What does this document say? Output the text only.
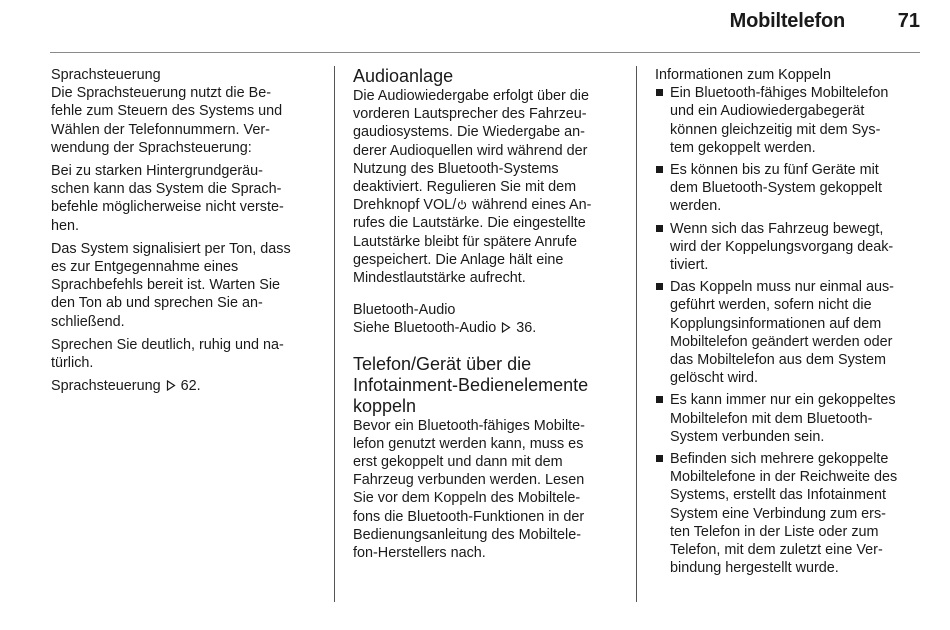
Mobiltelefon	71

Sprachsteuerung

Die Sprachsteuerung nutzt die Be-
fehle zum Steuern des Systems und
Wählen der Telefonnummern. Ver-
wendung der Sprachsteuerung:

Bei zu starken Hintergrundgeräu-
schen kann das System die Sprach-
befehle möglicherweise nicht verste-
hen.

Das System signalisiert per Ton, dass
es zur Entgegennahme eines
Sprachbefehls bereit ist. Warten Sie
den Ton ab und sprechen Sie an-
schließend.

Sprechen Sie deutlich, ruhig und na-
türlich.

Sprachsteuerung 62.

Audioanlage

Die Audiowiedergabe erfolgt über die
vorderen Lautsprecher des Fahrzeu-
gaudiosystems. Die Wiedergabe an-
derer Audioquellen wird während der
Nutzung des Bluetooth-Systems
deaktiviert. Regulieren Sie mit dem
Drehknopf VOL/ während eines An-
rufes die Lautstärke. Die eingestellte
Lautstärke bleibt für spätere Anrufe
gespeichert. Die Anlage hält eine
Mindestlautstärke aufrecht.

Bluetooth-Audio

Siehe Bluetooth-Audio 36.

Telefon/Gerät über die
Infotainment-Bedienelemente
koppeln

Bevor ein Bluetooth-fähiges Mobilte-
lefon genutzt werden kann, muss es
erst gekoppelt und dann mit dem
Fahrzeug verbunden werden. Lesen
Sie vor dem Koppeln des Mobiltele-
fons die Bluetooth-Funktionen in der
Bedienungsanleitung des Mobiltele-
fon-Herstellers nach.

Informationen zum Koppeln

Ein Bluetooth-fähiges Mobiltelefon
und ein Audiowiedergabegerät
können gleichzeitig mit dem Sys-
tem gekoppelt werden.
Es können bis zu fünf Geräte mit
dem Bluetooth-System gekoppelt
werden.
Wenn sich das Fahrzeug bewegt,
wird der Koppelungsvorgang deak-
tiviert.
Das Koppeln muss nur einmal aus-
geführt werden, sofern nicht die
Kopplungsinformationen auf dem
Mobiltelefon geändert werden oder
das Mobiltelefon aus dem System
gelöscht wird.
Es kann immer nur ein gekoppeltes
Mobiltelefon mit dem Bluetooth-
System verbunden sein.
Befinden sich mehrere gekoppelte
Mobiltelefone in der Reichweite des
Systems, erstellt das Infotainment
System eine Verbindung zum ers-
ten Telefon in der Liste oder zum
Telefon, mit dem zuletzt eine Ver-
bindung hergestellt wurde.
